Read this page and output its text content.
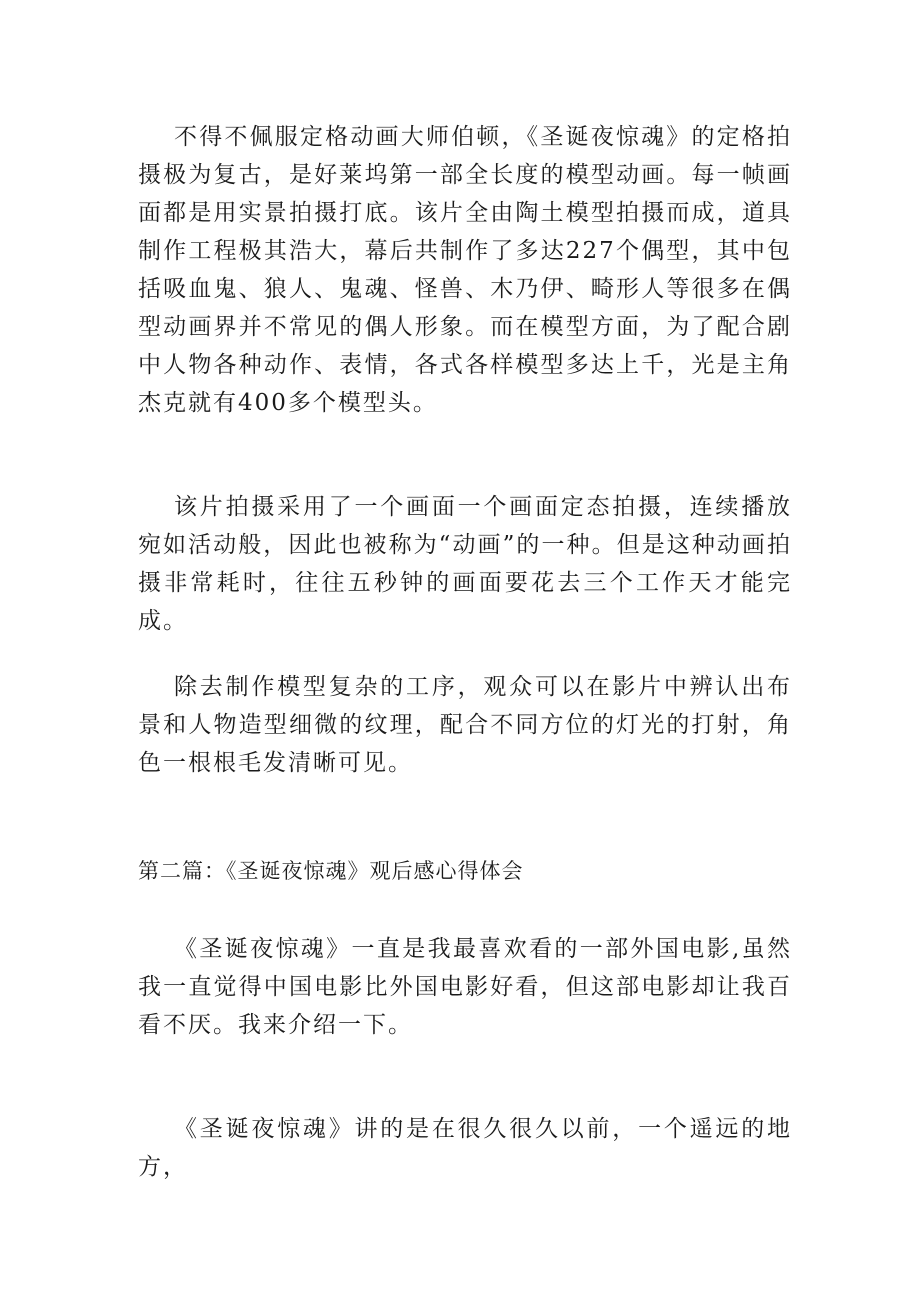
不得不佩服定格动画大师伯顿，《圣诞夜惊魂》的定格拍摄极为复古，是好莱坞第一部全长度的模型动画。每一帧画面都是用实景拍摄打底。该片全由陶土模型拍摄而成，道具制作工程极其浩大，幕后共制作了多达227个偶型，其中包括吸血鬼、狼人、鬼魂、怪兽、木乃伊、畸形人等很多在偶型动画界并不常见的偶人形象。而在模型方面，为了配合剧中人物各种动作、表情，各式各样模型多达上千，光是主角杰克就有400多个模型头。

该片拍摄采用了一个画面一个画面定态拍摄，连续播放宛如活动般，因此也被称为“动画”的一种。但是这种动画拍摄非常耗时，往往五秒钟的画面要花去三个工作天才能完成。

除去制作模型复杂的工序，观众可以在影片中辨认出布景和人物造型细微的纹理，配合不同方位的灯光的打射，角色一根根毛发清晰可见。

第二篇：《圣诞夜惊魂》观后感心得体会

《圣诞夜惊魂》一直是我最喜欢看的一部外国电影,虽然我一直觉得中国电影比外国电影好看，但这部电影却让我百看不厌。我来介绍一下。

《圣诞夜惊魂》讲的是在很久很久以前，一个遥远的地方，
